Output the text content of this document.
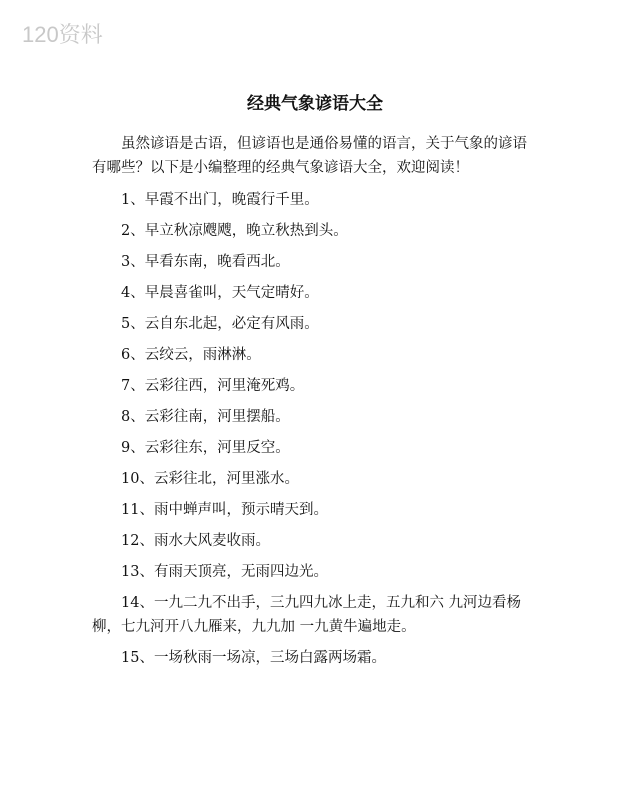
120资料
经典气象谚语大全

虽然谚语是古语，但谚语也是通俗易懂的语言，关于气象的谚语有哪些？以下是小编整理的经典气象谚语大全，欢迎阅读！

1、早霞不出门，晚霞行千里。

2、早立秋凉飕飕，晚立秋热到头。

3、早看东南，晚看西北。

4、早晨喜雀叫，天气定晴好。

5、云自东北起，必定有风雨。

6、云绞云，雨淋淋。

7、云彩往西，河里淹死鸡。

8、云彩往南，河里摆船。

9、云彩往东，河里反空。

10、云彩往北，河里涨水。

11、雨中蝉声叫，预示晴天到。

12、雨水大风麦收雨。

13、有雨天顶亮，无雨四边光。

14、一九二九不出手，三九四九冰上走，五九和六 九河边看杨柳，七九河开八九雁来，九九加 一九黄牛遍地走。

15、一场秋雨一场凉，三场白露两场霜。
